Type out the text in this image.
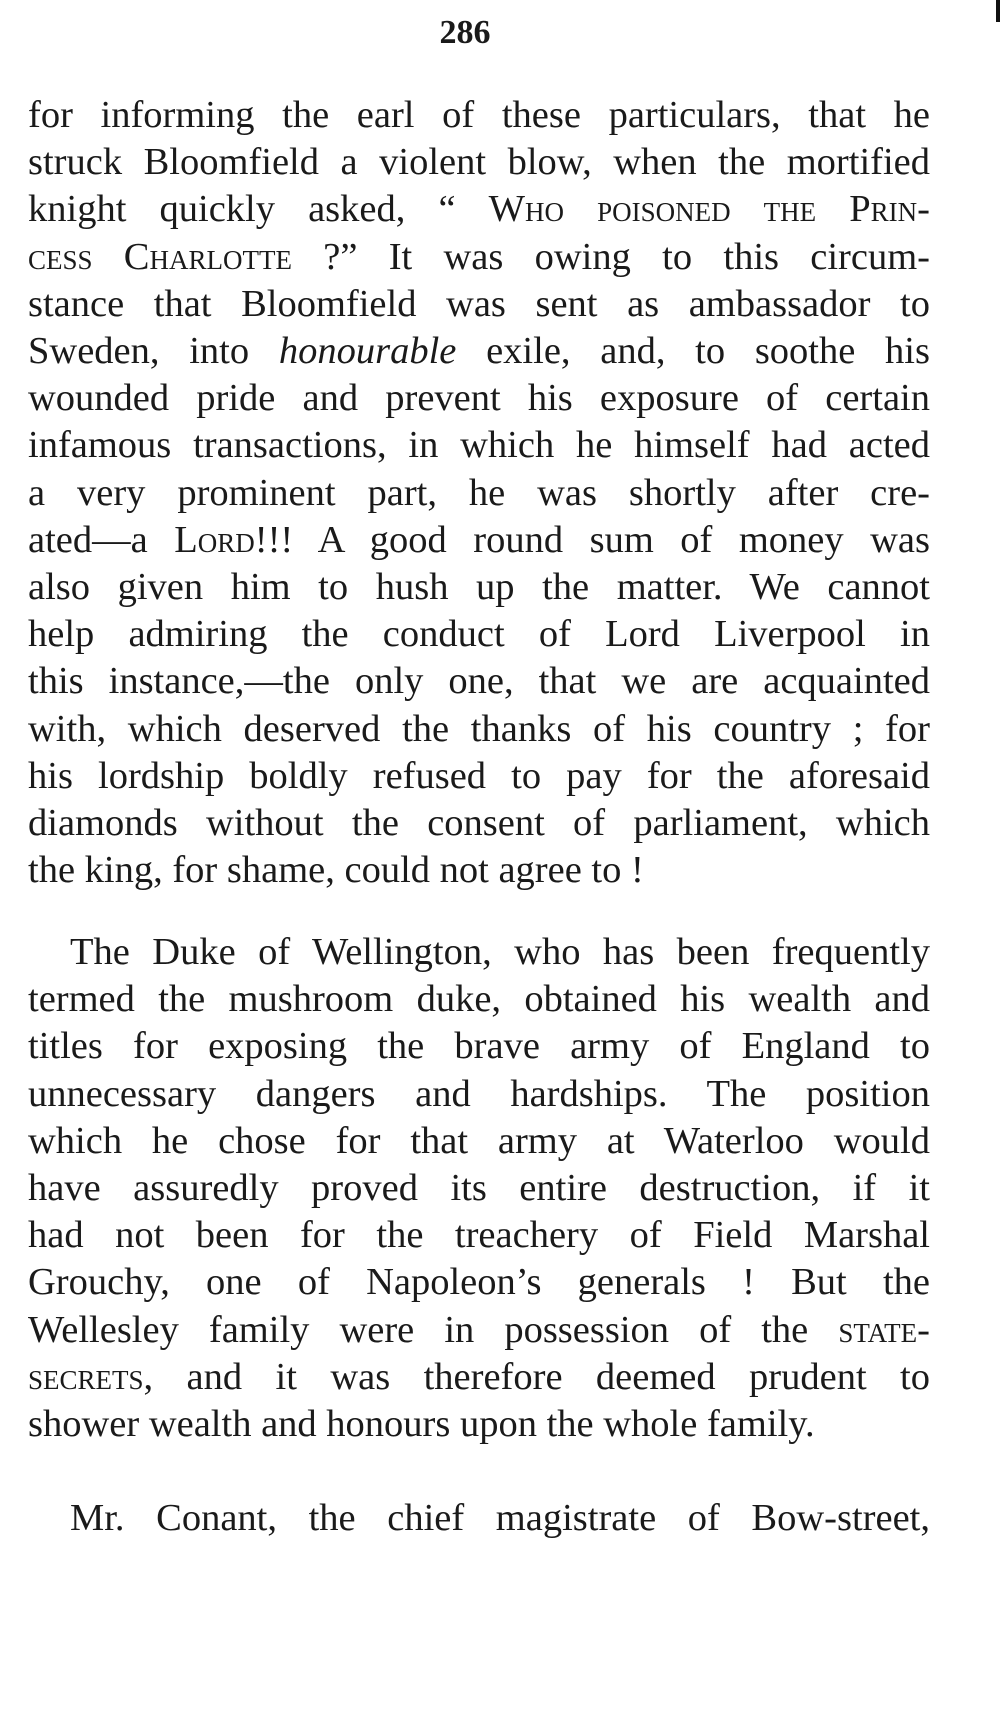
286
for informing the earl of these particulars, that he
struck Bloomfield a violent blow, when the mortified
knight quickly asked, “ Who poisoned the Prin-
cess Charlotte ?” It was owing to this circum-
stance that Bloomfield was sent as ambassador to
Sweden, into honourable exile, and, to soothe his
wounded pride and prevent his exposure of certain
infamous transactions, in which he himself had acted
a very prominent part, he was shortly after cre-
ated—a Lord!!! A good round sum of money was
also given him to hush up the matter. We cannot
help admiring the conduct of Lord Liverpool in
this instance,—the only one, that we are acquainted
with, which deserved the thanks of his country ; for
his lordship boldly refused to pay for the aforesaid
diamonds without the consent of parliament, which
the king, for shame, could not agree to !
The Duke of Wellington, who has been frequently
termed the mushroom duke, obtained his wealth and
titles for exposing the brave army of England to
unnecessary dangers and hardships. The position
which he chose for that army at Waterloo would
have assuredly proved its entire destruction, if it
had not been for the treachery of Field Marshal
Grouchy, one of Napoleon’s generals ! But the
Wellesley family were in possession of the state-
secrets, and it was therefore deemed prudent to
shower wealth and honours upon the whole family.
Mr. Conant, the chief magistrate of Bow-street,
